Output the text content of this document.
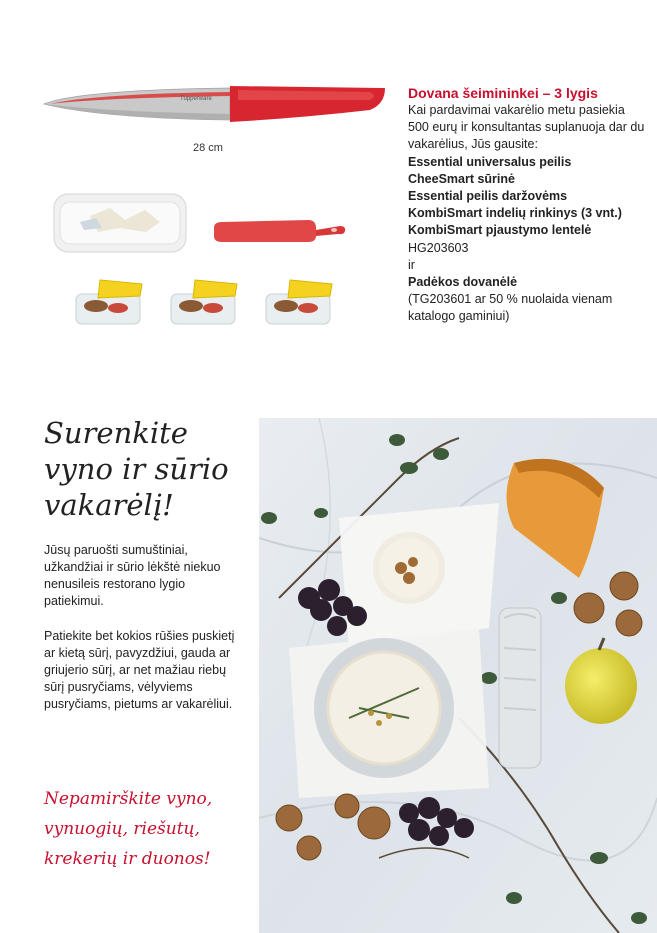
Tupperware
28 cm
Dovana šeimininkei – 3 lygis
Kai pardavimai vakarėlio metu pasiekia 500 eurų ir konsultantas suplanuoja dar du vakarėlius, Jūs gausite:
Essential universalus peilis
CheeSmart sūrinė
Essential peilis daržovėms
KombiSmart indelių rinkinys (3 vnt.)
KombiSmart pjaustymo lentelė
HG203603
ir
Padėkos dovanėlė
(TG203601 ar 50 % nuolaida vienam katalogo gaminiui)
Surenkite
vyno ir sūrio
vakarėlį!
Jūsų paruošti sumuštiniai, užkandžiai ir sūrio lėkštė niekuo nenusileis restorano lygio patiekimui.
Patiekite bet kokios rūšies puskietį ar kietą sūrį, pavyzdžiui, gauda ar griujerio sūrį, ar net mažiau riebų sūrį pusryčiams, vėlyviems pusryčiams, pietums ar vakarėliui.
Nepamirškite vyno,
vynuogių, riešutų,
krekerių ir duonos!
